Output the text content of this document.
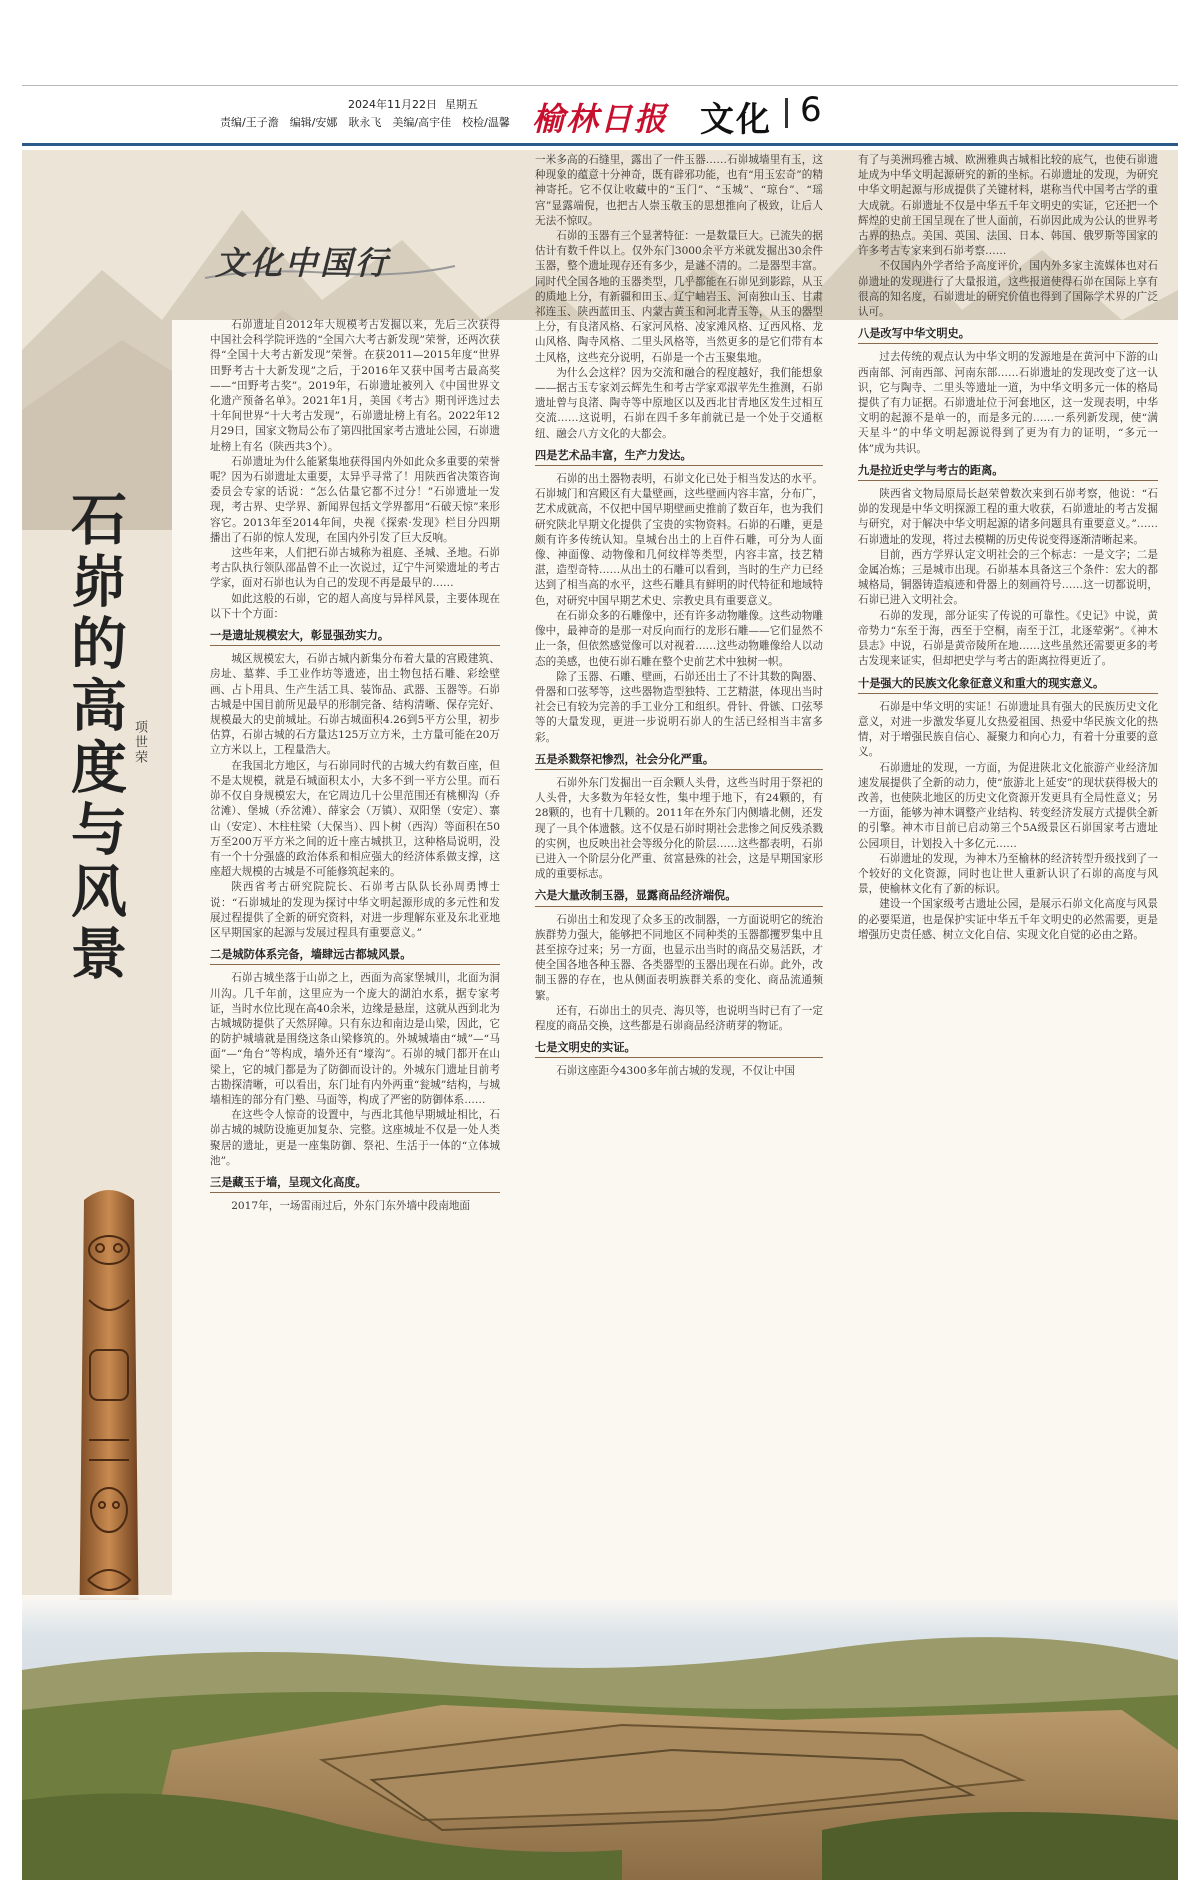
2024年11月22日 星期五
责编/王子澹　编辑/安娜　耿永飞　美编/高宇佳　校检/温馨 榆林日报 文化 6
文化中国行
石峁的高度与风景 项世荣

石峁遗址自2012年大规模考古发掘以来，先后三次获得中国社会科学院评选的“全国六大考古新发现”荣誉，还两次获得“全国十大考古新发现”荣誉。在获2011—2015年度“世界田野考古十大新发现”之后，于2016年又获中国考古最高奖——“田野考古奖”。2019年，石峁遗址被列入《中国世界文化遗产预备名单》。2021年1月，美国《考古》期刊评选过去十年间世界“十大考古发现”，石峁遗址榜上有名。2022年12月29日，国家文物局公布了第四批国家考古遗址公园，石峁遗址榜上有名（陕西共3个）。

石峁遗址为什么能紧集地获得国内外如此众多重要的荣誉呢？因为石峁遗址太重要，太异乎寻常了！用陕西省决策咨询委员会专家的话说：“怎么估量它都不过分！”石峁遗址一发现，考古界、史学界、新闻界包括文学界都用“石破天惊”来形容它。2013年至2014年间，央视《探索·发现》栏目分四期播出了石峁的惊人发现，在国内外引发了巨大反响。

这些年来，人们把石峁古城称为祖庭、圣城、圣地。石峁考古队执行领队邵晶曾不止一次说过，辽宁牛河梁遗址的考古学家，面对石峁也认为自己的发现不再是最早的……

如此这般的石峁，它的超人高度与异样风景，主要体现在以下十个方面：

一是遗址规模宏大，彰显强劲实力。

城区规模宏大，石峁古城内新集分布着大量的宫殿建筑、房址、墓葬、手工业作坊等遗迹，出土物包括石雕、彩绘壁画、占卜用具、生产生活工具、装饰品、武器、玉器等。石峁古城是中国目前所见最早的形制完备、结构清晰、保存完好、规模最大的史前城址。石峁古城面积4.26到5平方公里，初步估算，石峁古城的石方量达125万立方米，土方量可能在20万立方米以上，工程量浩大。

在我国北方地区，与石峁同时代的古城大约有数百座，但不是太规模，就是石城面积太小，大多不到一平方公里。而石峁不仅自身规模宏大，在它周边几十公里范围还有桃柳沟（乔岔滩）、堡城（乔岔滩）、薛家会（万镇）、双阳堡（安定）、寨山（安定）、木柱柱梁（大保当）、四卜树（西沟）等面积在50万至200万平方米之间的近十座古城拱卫，这种格局说明，没有一个十分强盛的政治体系和相应强大的经济体系做支撑，这座超大规模的古城是不可能修筑起来的。

陕西省考古研究院院长、石峁考古队队长孙周勇博士说：“石峁城址的发现为探讨中华文明起源形成的多元性和发展过程提供了全新的研究资料，对进一步理解东亚及东北亚地区早期国家的起源与发展过程具有重要意义。”

二是城防体系完备，墙肆远古都城风景。

石峁古城坐落于山峁之上，西面为高家堡城川，北面为洞川沟。几千年前，这里应为一个庞大的湖泊水系，据专家考证，当时水位比现在高40余米，边缘是悬崖，这就从西到北为古城城防提供了天然屏障。只有东边和南边是山梁，因此，它的防护城墙就是围绕这条山梁修筑的。外城城墙由“城”—“马面”—“角台”等构成，墙外还有“壕沟”。石峁的城门都开在山梁上，它的城门都是为了防御而设计的。外城东门遗址目前考古勘探清晰，可以看出，东门址有内外两重“瓮城”结构，与城墙相连的部分有门塾、马面等，构成了严密的防御体系……

在这些令人惊奇的设置中，与西北其他早期城址相比，石峁古城的城防设施更加复杂、完整。这座城址不仅是一处人类聚居的遗址，更是一座集防御、祭祀、生活于一体的“立体城池”。

三是藏玉于墙，呈现文化高度。

2017年，一场雷雨过后，外东门东外墙中段南地面

一米多高的石缝里，露出了一件玉器……石峁城墙里有玉，这种现象的蕴意十分神奇，既有辟邪功能，也有“用玉宏奇”的精神寄托。它不仅让收藏中的“玉门”、“玉城”、“琼台”、“瑶宫”显露端倪，也把古人崇玉敬玉的思想推向了极致，让后人无法不惊叹。

石峁的玉器有三个显著特征：一是数量巨大。已流失的据估计有数千件以上。仅外东门3000余平方米就发掘出30余件玉器，整个遗址现存还有多少，是谜不清的。二是器型丰富。同时代全国各地的玉器类型，几乎都能在石峁见到影踪，从玉的质地上分，有新疆和田玉、辽宁岫岩玉、河南独山玉、甘肃祁连玉、陕西蓝田玉、内蒙古黄玉和河北青玉等，从玉的器型上分，有良渚风格、石家河风格、凌家滩风格、辽西风格、龙山风格、陶寺风格、二里头风格等，当然更多的是它们带有本土风格，这些充分说明，石峁是一个古玉聚集地。

为什么会这样？因为交流和融合的程度越好，我们能想象——据古玉专家刘云辉先生和考古学家邓淑苹先生推测，石峁遗址曾与良渚、陶寺等中原地区以及西北甘青地区发生过相互交流……这说明，石峁在四千多年前就已是一个处于交通枢纽、融会八方文化的大都会。

四是艺术品丰富，生产力发达。

石峁的出土器物表明，石峁文化已处于相当发达的水平。石峁城门和宫殿区有大量壁画，这些壁画内容丰富，分布广，艺术成就高，不仅把中国早期壁画史推前了数百年，也为我们研究陕北早期文化提供了宝贵的实物资料。石峁的石雕，更是颇有许多传统认知。皇城台出土的上百件石雕，可分为人面像、神面像、动物像和几何纹样等类型，内容丰富，技艺精湛，造型奇特……从出土的石雕可以看到，当时的生产力已经达到了相当高的水平，这些石雕具有鲜明的时代特征和地域特色，对研究中国早期艺术史、宗教史具有重要意义。

在石峁众多的石雕像中，还有许多动物雕像。这些动物雕像中，最神奇的是那一对反向而行的龙形石雕——它们显然不止一条，但依然感觉像可以对视着……这些动物雕像给人以动态的美感，也使石峁石雕在整个史前艺术中独树一帜。

除了玉器、石雕、壁画，石峁还出土了不计其数的陶器、骨器和口弦琴等，这些器物造型独特、工艺精湛，体现出当时社会已有较为完善的手工业分工和组织。骨针、骨镞、口弦琴等的大量发现，更进一步说明石峁人的生活已经相当丰富多彩。

五是杀戮祭祀惨烈，社会分化严重。

石峁外东门发掘出一百余颗人头骨，这些当时用于祭祀的人头骨，大多数为年轻女性，集中埋于地下，有24颗的，有28颗的，也有十几颗的。2011年在外东门内侧墙北侧，还发现了一具个体遗骸。这不仅是石峁时期社会悲惨之间反残杀戮的实例，也反映出社会等级分化的阶层……这些都表明，石峁已进入一个阶层分化严重、贫富悬殊的社会，这是早期国家形成的重要标志。

六是大量改制玉器，显露商品经济端倪。

石峁出土和发现了众多玉的改制器，一方面说明它的统治族群势力强大，能够把不同地区不同种类的玉器都攫罗集中且甚至掠夺过来；另一方面，也显示出当时的商品交易活跃，才使全国各地各种玉器、各类器型的玉器出现在石峁。此外，改制玉器的存在，也从侧面表明族群关系的变化、商品流通频繁。

还有，石峁出土的贝壳、海贝等，也说明当时已有了一定程度的商品交换，这些都是石峁商品经济萌芽的物证。

七是文明史的实证。

石峁这座距今4300多年前古城的发现，不仅让中国

有了与美洲玛雅古城、欧洲雅典古城相比较的底气，也使石峁遗址成为中华文明起源研究的新的坐标。石峁遗址的发现，为研究中华文明起源与形成提供了关键材料，堪称当代中国考古学的重大成就。石峁遗址不仅是中华五千年文明史的实证，它还把一个辉煌的史前王国呈现在了世人面前，石峁因此成为公认的世界考古界的热点。美国、英国、法国、日本、韩国、俄罗斯等国家的许多考古专家来到石峁考察……

不仅国内外学者给予高度评价，国内外多家主流媒体也对石峁遗址的发现进行了大量报道，这些报道使得石峁在国际上享有很高的知名度，石峁遗址的研究价值也得到了国际学术界的广泛认可。

八是改写中华文明史。

过去传统的观点认为中华文明的发源地是在黄河中下游的山西南部、河南西部、河南东部……石峁遗址的发现改变了这一认识，它与陶寺、二里头等遗址一道，为中华文明多元一体的格局提供了有力证据。石峁遗址位于河套地区，这一发现表明，中华文明的起源不是单一的，而是多元的……一系列新发现，使“满天星斗”的中华文明起源说得到了更为有力的证明，“多元一体”成为共识。

九是拉近史学与考古的距离。

陕西省文物局原局长赵荣曾数次来到石峁考察，他说：“石峁的发现是中华文明探源工程的重大收获，石峁遗址的考古发掘与研究，对于解决中华文明起源的诸多问题具有重要意义。”……石峁遗址的发现，将过去模糊的历史传说变得逐渐清晰起来。

目前，西方学界认定文明社会的三个标志：一是文字；二是金属冶炼；三是城市出现。石峁基本具备这三个条件：宏大的都城格局，铜器铸造痕迹和骨器上的刻画符号……这一切都说明，石峁已进入文明社会。

石峁的发现，部分证实了传说的可靠性。《史记》中说，黄帝势力“东至于海，西至于空桐，南至于江，北逐荤粥”。《神木县志》中说，石峁是黄帝陵所在地……这些虽然还需要更多的考古发现来证实，但却把史学与考古的距离拉得更近了。

十是强大的民族文化象征意义和重大的现实意义。

石峁是中华文明的实证！石峁遗址具有强大的民族历史文化意义，对进一步激发华夏儿女热爱祖国、热爱中华民族文化的热情，对于增强民族自信心、凝聚力和向心力，有着十分重要的意义。

石峁遗址的发现，一方面，为促进陕北文化旅游产业经济加速发展提供了全新的动力，使“旅游北上延安”的现状获得极大的改善，也使陕北地区的历史文化资源开发更具有全局性意义；另一方面，能够为神木调整产业结构、转变经济发展方式提供全新的引擎。神木市目前已启动第三个5A级景区石峁国家考古遗址公园项目，计划投入十多亿元……

石峁遗址的发现，为神木乃至榆林的经济转型升级找到了一个较好的文化资源，同时也让世人重新认识了石峁的高度与风景，使榆林文化有了新的标识。

建设一个国家级考古遗址公园，是展示石峁文化高度与风景的必要渠道，也是保护实证中华五千年文明史的必然需要，更是增强历史责任感、树立文化自信、实现文化自觉的必由之路。
